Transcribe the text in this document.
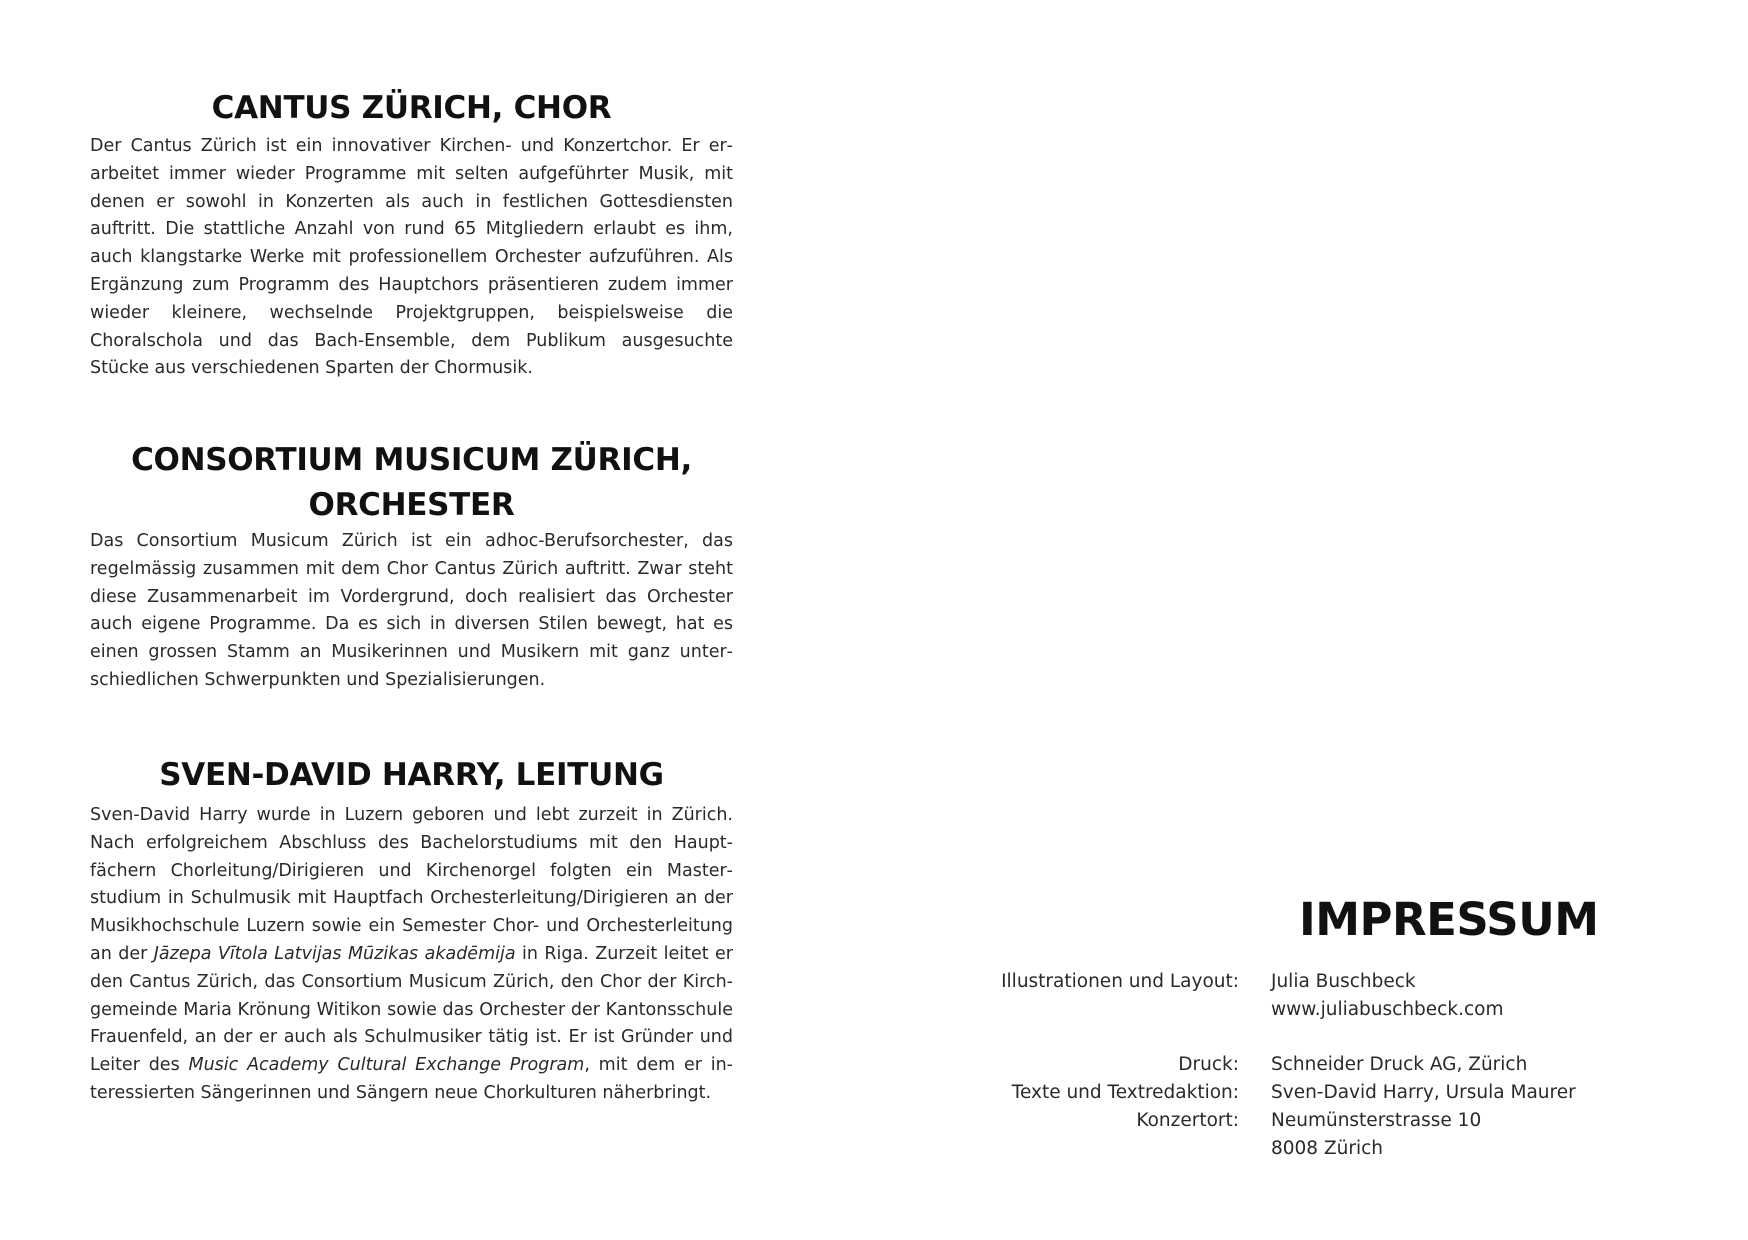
CANTUS ZÜRICH, CHOR

Der Cantus Zürich ist ein innovativer Kirchen- und Konzertchor. Er erarbeitet immer wieder Programme mit selten aufgeführter Musik, mit denen er sowohl in Konzerten als auch in festlichen Gottesdiensten auftritt. Die stattliche Anzahl von rund 65 Mitgliedern erlaubt es ihm, auch klangstarke Werke mit professionellem Orchester aufzuführen. Als Ergänzung zum Programm des Hauptchors präsentieren zudem immer wieder kleinere, wechselnde Projektgruppen, beispielsweise die Choralschola und das Bach-Ensemble, dem Publikum ausgesuchte Stücke aus verschiedenen Sparten der Chormusik.

CONSORTIUM MUSICUM ZÜRICH,
ORCHESTER

Das Consortium Musicum Zürich ist ein adhoc-Berufsorchester, das regelmässig zusammen mit dem Chor Cantus Zürich auftritt. Zwar steht diese Zusammenarbeit im Vordergrund, doch realisiert das Orchester auch eigene Programme. Da es sich in diversen Stilen bewegt, hat es einen grossen Stamm an Musikerinnen und Musikern mit ganz unterschiedlichen Schwerpunkten und Spezialisierungen.

SVEN-DAVID HARRY, LEITUNG

Sven-David Harry wurde in Luzern geboren und lebt zurzeit in Zürich. Nach erfolgreichem Abschluss des Bachelorstudiums mit den Hauptfächern Chorleitung/Dirigieren und Kirchenorgel folgten ein Masterstudium in Schulmusik mit Hauptfach Orchesterleitung/Dirigieren an der Musikhochschule Luzern sowie ein Semester Chor- und Orchesterleitung an der Jāzepa Vītola Latvijas Mūzikas akadēmija in Riga. Zurzeit leitet er den Cantus Zürich, das Consortium Musicum Zürich, den Chor der Kirchgemeinde Maria Krönung Witikon sowie das Orchester der Kantonsschule Frauenfeld, an der er auch als Schulmusiker tätig ist. Er ist Gründer und Leiter des Music Academy Cultural Exchange Program, mit dem er interessierten Sängerinnen und Sängern neue Chorkulturen näherbringt.

IMPRESSUM
Illustrationen und Layout:	Julia Buschbeck
www.juliabuschbeck.com
Druck:	Schneider Druck AG, Zürich
Texte und Textredaktion:	Sven-David Harry, Ursula Maurer
Konzertort:	Neumünsterstrasse 10
8008 Zürich
